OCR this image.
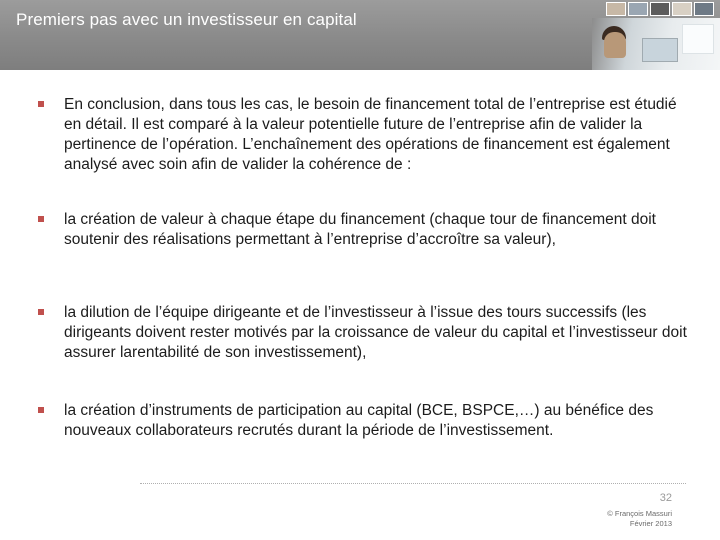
Premiers pas avec un investisseur en capital
En conclusion, dans tous les cas, le besoin de financement total de l’entreprise est étudié en détail. Il est comparé à la valeur potentielle future de l’entreprise afin de valider la pertinence de l’opération. L’enchaînement des opérations de financement est également analysé avec soin afin de valider la cohérence de :
la création de valeur à chaque étape du financement (chaque tour de financement doit soutenir des réalisations permettant à l’entreprise d’accroître sa valeur),
la dilution de l’équipe dirigeante et de l’investisseur à l’issue des tours successifs (les dirigeants doivent rester motivés par la croissance de valeur du capital et l’investisseur doit assurer larentabilité de son investissement),
la création d’instruments de participation au capital (BCE, BSPCE,…) au bénéfice des nouveaux collaborateurs recrutés durant la période de l’investissement.
32
© François Massuri
Février 2013
